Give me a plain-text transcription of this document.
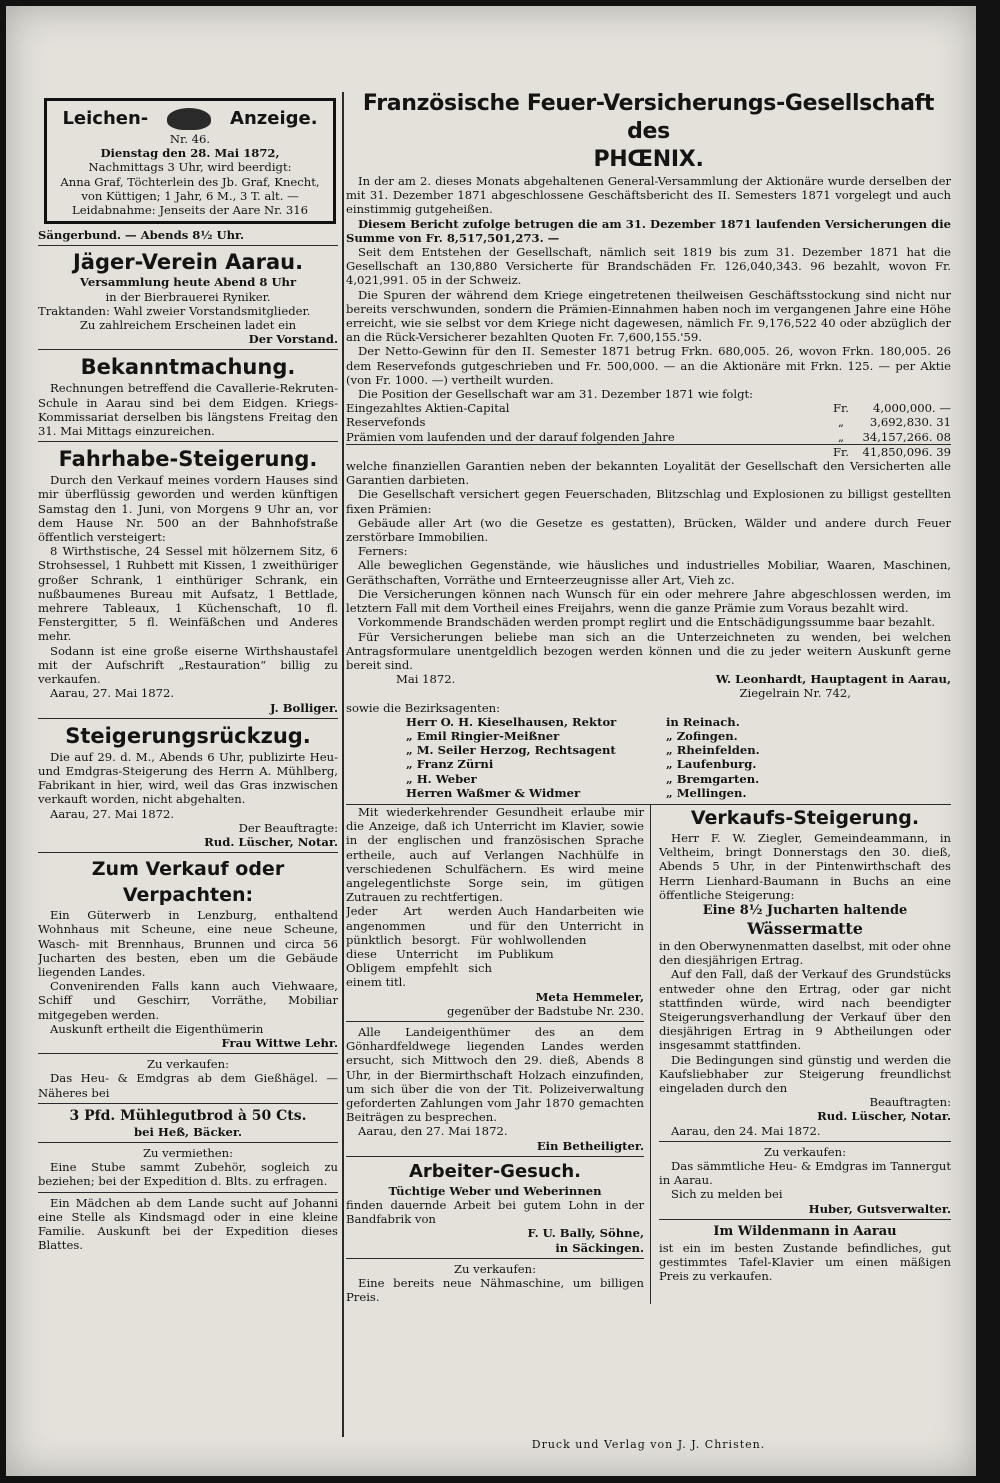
Leichen-	Anzeige.

Nr. 46.

Dienstag den 28. Mai 1872,

Nachmittags 3 Uhr, wird beerdigt:

Anna Graf, Töchterlein des Jb. Graf, Knecht, von Küttigen; 1 Jahr, 6 M., 3 T. alt. — Leidabnahme: Jenseits der Aare Nr. 316

Sängerbund. — Abends 8½ Uhr.

Jäger-Verein Aarau.

Versammlung heute Abend 8 Uhr

in der Bierbrauerei Ryniker.

Traktanden: Wahl zweier Vorstandsmitglieder.

Zu zahlreichem Erscheinen ladet ein

Der Vorstand.

Bekanntmachung.

Rechnungen betreffend die Cavallerie-Rekruten-Schule in Aarau sind bei dem Eidgen. Kriegs-Kommissariat derselben bis längstens Freitag den 31. Mai Mittags einzureichen.

Fahrhabe-Steigerung.

Durch den Verkauf meines vordern Hauses sind mir überflüssig geworden und werden künftigen Samstag den 1. Juni, von Morgens 9 Uhr an, vor dem Hause Nr. 500 an der Bahnhofstraße öffentlich versteigert:

8 Wirthstische, 24 Sessel mit hölzernem Sitz, 6 Strohsessel, 1 Ruhbett mit Kissen, 1 zweithüriger großer Schrank, 1 einthüriger Schrank, ein nußbaumenes Bureau mit Aufsatz, 1 Bettlade, mehrere Tableaux, 1 Küchenschaft, 10 fl. Fenstergitter, 5 fl. Weinfäßchen und Anderes mehr.

Sodann ist eine große eiserne Wirthshaustafel mit der Aufschrift „Restauration“ billig zu verkaufen.

Aarau, 27. Mai 1872.

J. Bolliger.

Steigerungsrückzug.

Die auf 29. d. M., Abends 6 Uhr, publizirte Heu- und Emdgras-Steigerung des Herrn A. Mühlberg, Fabrikant in hier, wird, weil das Gras inzwischen verkauft worden, nicht abgehalten.

Aarau, 27. Mai 1872.

Der Beauftragte:

Rud. Lüscher, Notar.

Zum Verkauf oder Verpachten:

Ein Güterwerb in Lenzburg, enthaltend Wohnhaus mit Scheune, eine neue Scheune, Wasch- mit Brennhaus, Brunnen und circa 56 Jucharten des besten, eben um die Gebäude liegenden Landes.

Convenirenden Falls kann auch Viehwaare, Schiff und Geschirr, Vorräthe, Mobiliar mitgegeben werden.

Auskunft ertheilt die Eigenthümerin

Frau Wittwe Lehr.

Zu verkaufen:

Das Heu- & Emdgras ab dem Gießhägel. — Näheres bei

3 Pfd. Mühlegutbrod à 50 Cts.

bei Heß, Bäcker.

Zu vermiethen:

Eine Stube sammt Zubehör, sogleich zu beziehen; bei der Expedition d. Blts. zu erfragen.

Ein Mädchen ab dem Lande sucht auf Johanni eine Stelle als Kindsmagd oder in eine kleine Familie. Auskunft bei der Expedition dieses Blattes.

Französische Feuer-Versicherungs-Gesellschaft des

PHŒNIX.

In der am 2. dieses Monats abgehaltenen General-Versammlung der Aktionäre wurde derselben der mit 31. Dezember 1871 abgeschlossene Geschäftsbericht des II. Semesters 1871 vorgelegt und auch einstimmig gutgeheißen.

Diesem Bericht zufolge betrugen die am 31. Dezember 1871 laufenden Versicherungen die Summe von Fr. 8,517,501,273. —

Seit dem Entstehen der Gesellschaft, nämlich seit 1819 bis zum 31. Dezember 1871 hat die Gesellschaft an 130,880 Versicherte für Brandschäden Fr. 126,040,343. 96 bezahlt, wovon Fr. 4,021,991. 05 in der Schweiz.

Die Spuren der während dem Kriege eingetretenen theilweisen Geschäftsstockung sind nicht nur bereits verschwunden, sondern die Prämien-Einnahmen haben noch im vergangenen Jahre eine Höhe erreicht, wie sie selbst vor dem Kriege nicht dagewesen, nämlich Fr. 9,176,522 40 oder abzüglich der an die Rück-Versicherer bezahlten Quoten Fr. 7,600,155.'59.

Der Netto-Gewinn für den II. Semester 1871 betrug Frkn. 680,005. 26, wovon Frkn. 180,005. 26 dem Reservefonds gutgeschrieben und Fr. 500,000. — an die Aktionäre mit Frkn. 125. — per Aktie (von Fr. 1000. —) vertheilt wurden.

Die Position der Gesellschaft war am 31. Dezember 1871 wie folgt:

Eingezahltes Aktien-Capital	Fr.	4,000,000. —
Reservefonds	„	3,692,830. 31
Prämien vom laufenden und der darauf folgenden Jahre	„	34,157,266. 08
Fr.	41,850,096. 39

welche finanziellen Garantien neben der bekannten Loyalität der Gesellschaft den Versicherten alle Garantien darbieten.

Die Gesellschaft versichert gegen Feuerschaden, Blitzschlag und Explosionen zu billigst gestellten fixen Prämien:

Gebäude aller Art (wo die Gesetze es gestatten), Brücken, Wälder und andere durch Feuer zerstörbare Immobilien.

Ferners:

Alle beweglichen Gegenstände, wie häusliches und industrielles Mobiliar, Waaren, Maschinen, Geräthschaften, Vorräthe und Ernteerzeugnisse aller Art, Vieh zc.

Die Versicherungen können nach Wunsch für ein oder mehrere Jahre abgeschlossen werden, im letztern Fall mit dem Vortheil eines Freijahrs, wenn die ganze Prämie zum Voraus bezahlt wird.

Vorkommende Brandschäden werden prompt reglirt und die Entschädigungssumme baar bezahlt.

Für Versicherungen beliebe man sich an die Unterzeichneten zu wenden, bei welchen Antragsformulare unentgeldlich bezogen werden können und die zu jeder weitern Auskunft gerne bereit sind.

Mai 1872.	W. Leonhardt, Hauptagent in Aarau,

Ziegelrain Nr. 742,

sowie die Bezirksagenten:

Herr O. H. Kieselhausen, Rektor	in Reinach.
„ Emil Ringier-Meißner	„ Zofingen.
„ M. Seiler Herzog, Rechtsagent	„ Rheinfelden.
„ Franz Zürni	„ Laufenburg.
„ H. Weber	„ Bremgarten.
Herren Waßmer & Widmer	„ Mellingen.

Mit wiederkehrender Gesundheit erlaube mir die Anzeige, daß ich Unterricht im Klavier, sowie in der englischen und französischen Sprache ertheile, auch auf Verlangen Nachhülfe in verschiedenen Schulfächern. Es wird meine angelegentlichste Sorge sein, im gütigen Zutrauen zu rechtfertigen.

Jeder Art werden angenommen und pünktlich besorgt. Für diese Unterricht im Obligem empfehlt sich einem titl.

Auch Handarbeiten wie für den Unterricht in wohlwollenden Publikum

Meta Hemmeler,

gegenüber der Badstube Nr. 230.

Alle Landeigenthümer des an dem Gönhardfeldwege liegenden Landes werden ersucht, sich Mittwoch den 29. dieß, Abends 8 Uhr, in der Biermirthschaft Holzach einzufinden, um sich über die von der Tit. Polizeiverwaltung geforderten Zahlungen vom Jahr 1870 gemachten Beiträgen zu besprechen.

Aarau, den 27. Mai 1872.

Ein Betheiligter.

Arbeiter-Gesuch.

Tüchtige Weber und Weberinnen

finden dauernde Arbeit bei gutem Lohn in der Bandfabrik von

F. U. Bally, Söhne,

in Säckingen.

Zu verkaufen:

Eine bereits neue Nähmaschine, um billigen Preis.

Verkaufs-Steigerung.

Herr F. W. Ziegler, Gemeindeammann, in Veltheim, bringt Donnerstags den 30. dieß, Abends 5 Uhr, in der Pintenwirthschaft des Herrn Lienhard-Baumann in Buchs an eine öffentliche Steigerung:

Eine 8½ Jucharten haltende

Wässermatte

in den Oberwynenmatten daselbst, mit oder ohne den diesjährigen Ertrag.

Auf den Fall, daß der Verkauf des Grundstücks entweder ohne den Ertrag, oder gar nicht stattfinden würde, wird nach beendigter Steigerungsverhandlung der Verkauf über den diesjährigen Ertrag in 9 Abtheilungen oder insgesammt stattfinden.

Die Bedingungen sind günstig und werden die Kaufsliebhaber zur Steigerung freundlichst eingeladen durch den

Beauftragten:

Rud. Lüscher, Notar.

Aarau, den 24. Mai 1872.

Zu verkaufen:

Das sämmtliche Heu- & Emdgras im Tannergut in Aarau.

Sich zu melden bei

Huber, Gutsverwalter.

Im Wildenmann in Aarau

ist ein im besten Zustande befindliches, gut gestimmtes Tafel-Klavier um einen mäßigen Preis zu verkaufen.

Druck und Verlag von J. J. Christen.
